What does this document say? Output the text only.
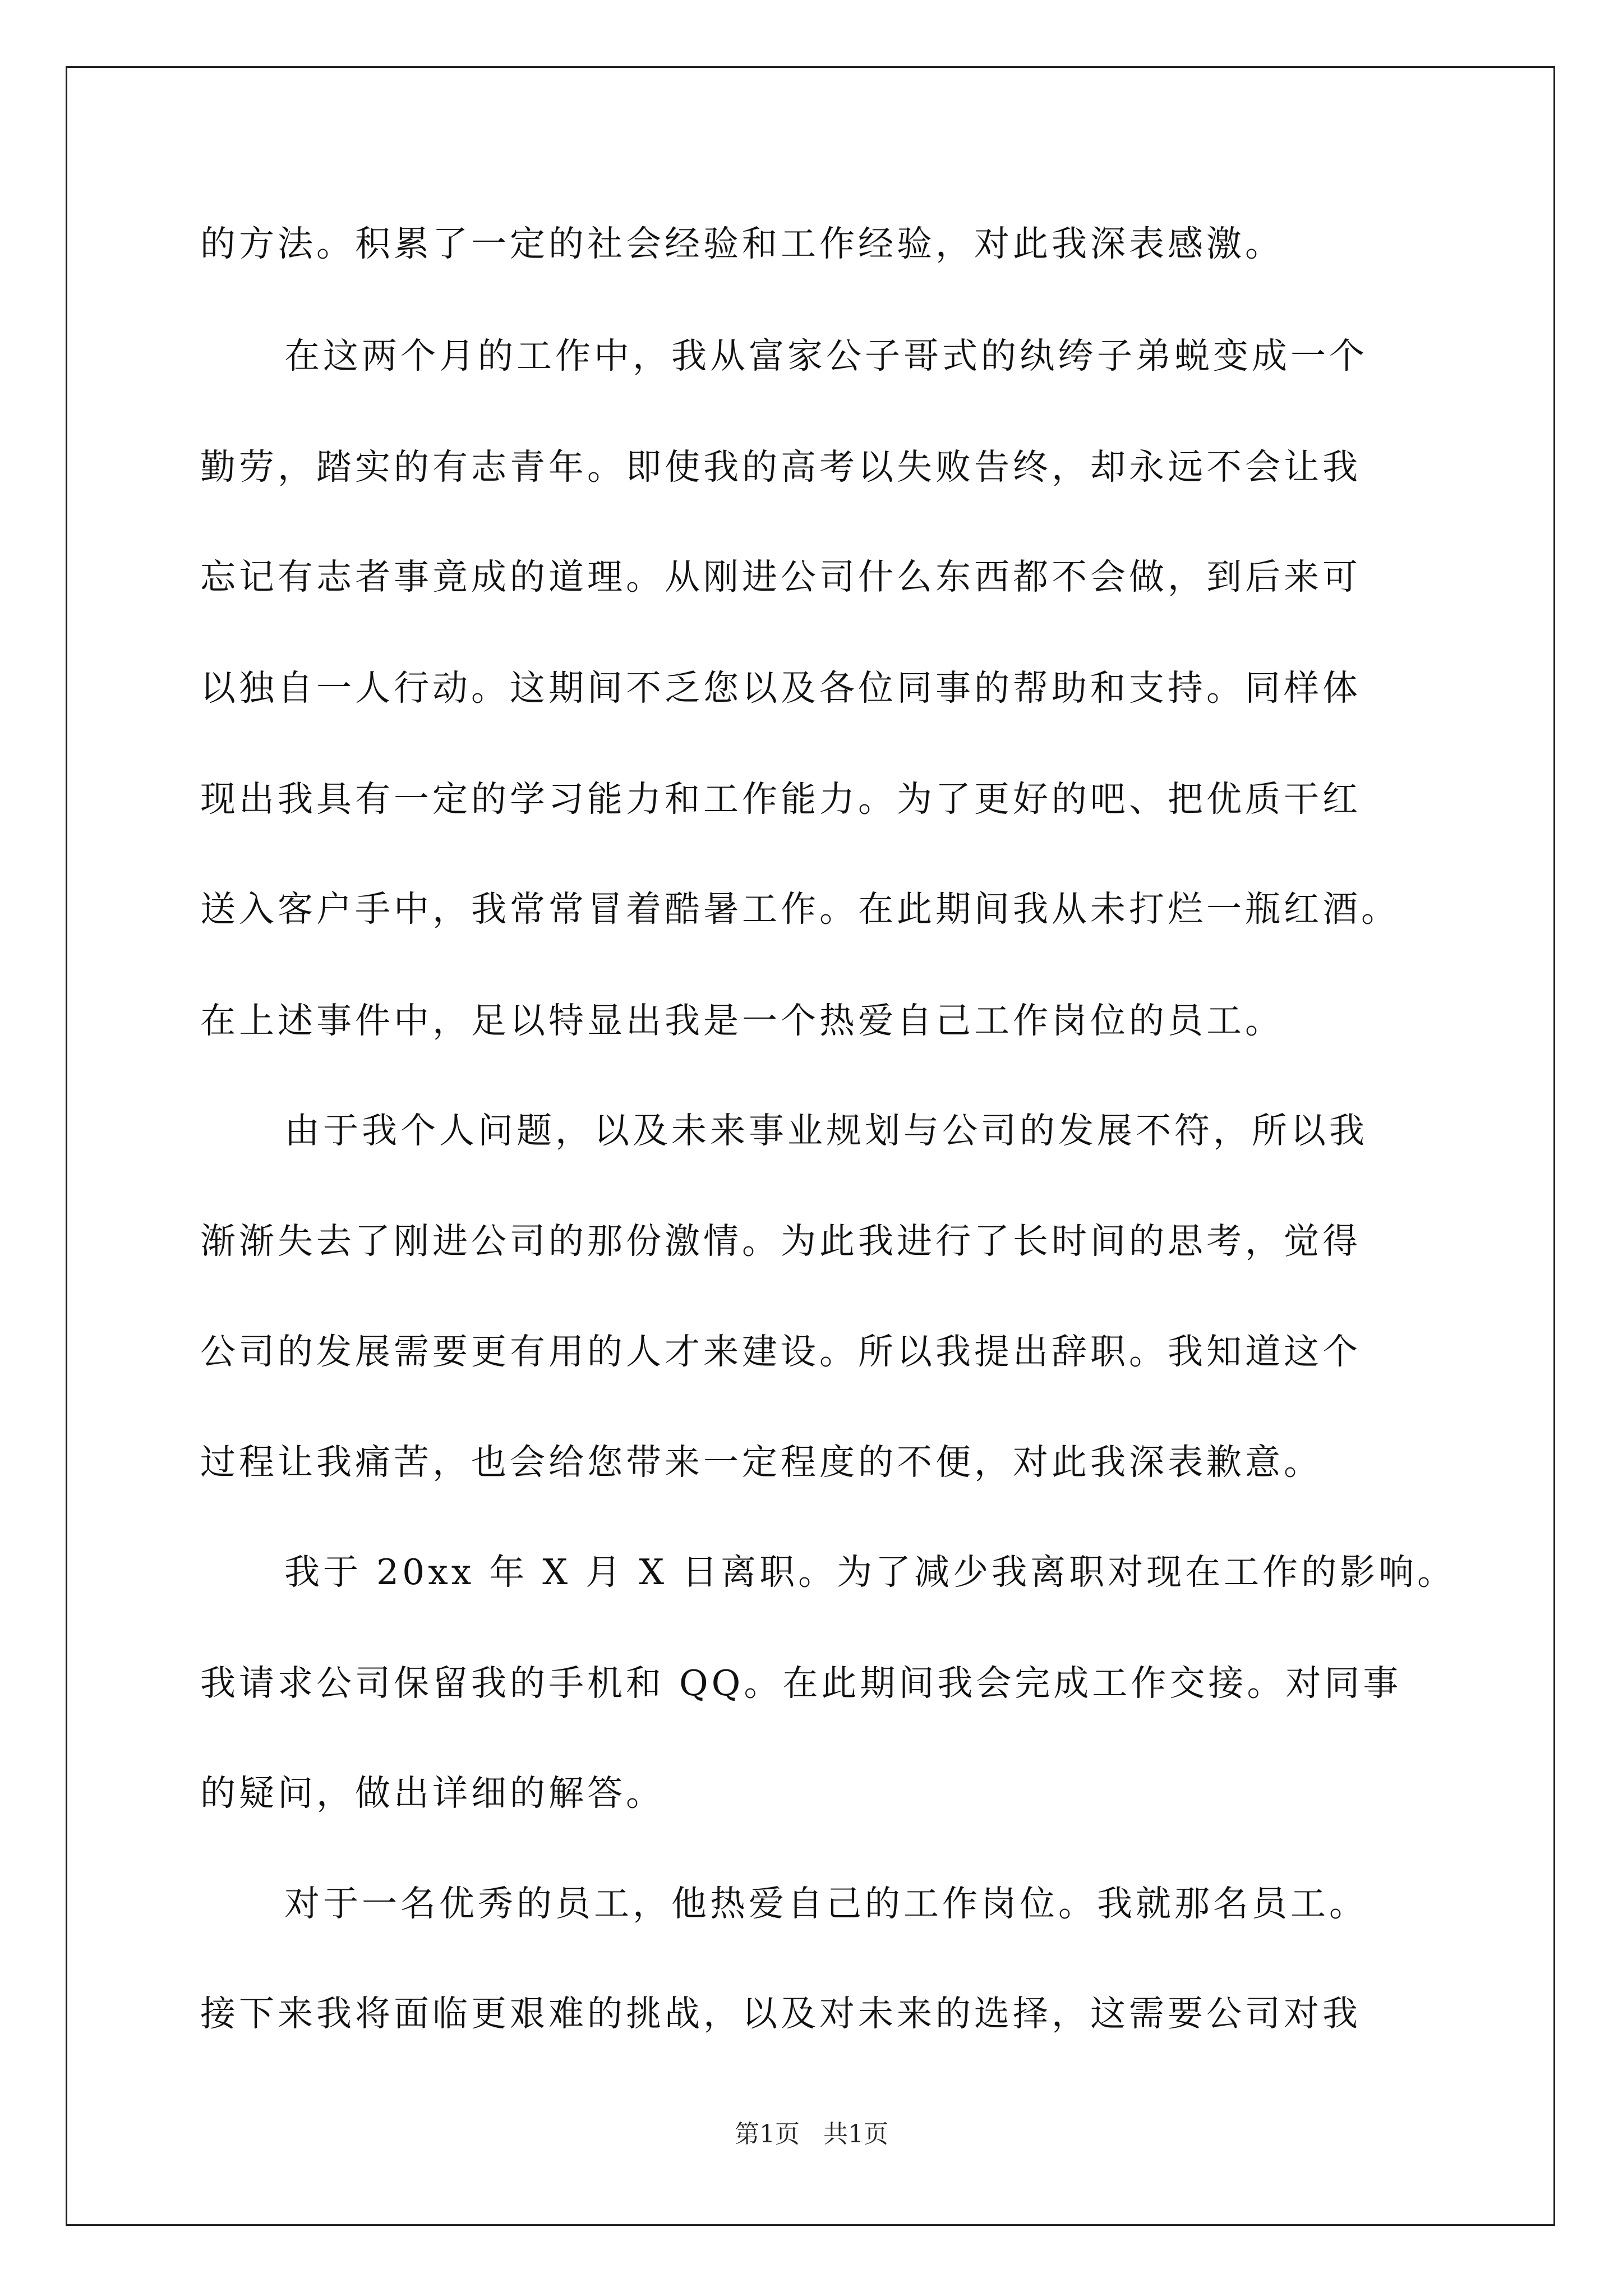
的方法。积累了一定的社会经验和工作经验，对此我深表感激。
在这两个月的工作中，我从富家公子哥式的纨绔子弟蜕变成一个
勤劳，踏实的有志青年。即使我的高考以失败告终，却永远不会让我
忘记有志者事竟成的道理。从刚进公司什么东西都不会做，到后来可
以独自一人行动。这期间不乏您以及各位同事的帮助和支持。同样体
现出我具有一定的学习能力和工作能力。为了更好的吧、把优质干红
送入客户手中，我常常冒着酷暑工作。在此期间我从未打烂一瓶红酒。
在上述事件中，足以特显出我是一个热爱自己工作岗位的员工。
由于我个人问题，以及未来事业规划与公司的发展不符，所以我
渐渐失去了刚进公司的那份激情。为此我进行了长时间的思考，觉得
公司的发展需要更有用的人才来建设。所以我提出辞职。我知道这个
过程让我痛苦，也会给您带来一定程度的不便，对此我深表歉意。
我于 20xx 年 X 月 X 日离职。为了减少我离职对现在工作的影响。
我请求公司保留我的手机和 QQ。在此期间我会完成工作交接。对同事
的疑问，做出详细的解答。
对于一名优秀的员工，他热爱自己的工作岗位。我就那名员工。
接下来我将面临更艰难的挑战，以及对未来的选择，这需要公司对我
第1页   共1页
